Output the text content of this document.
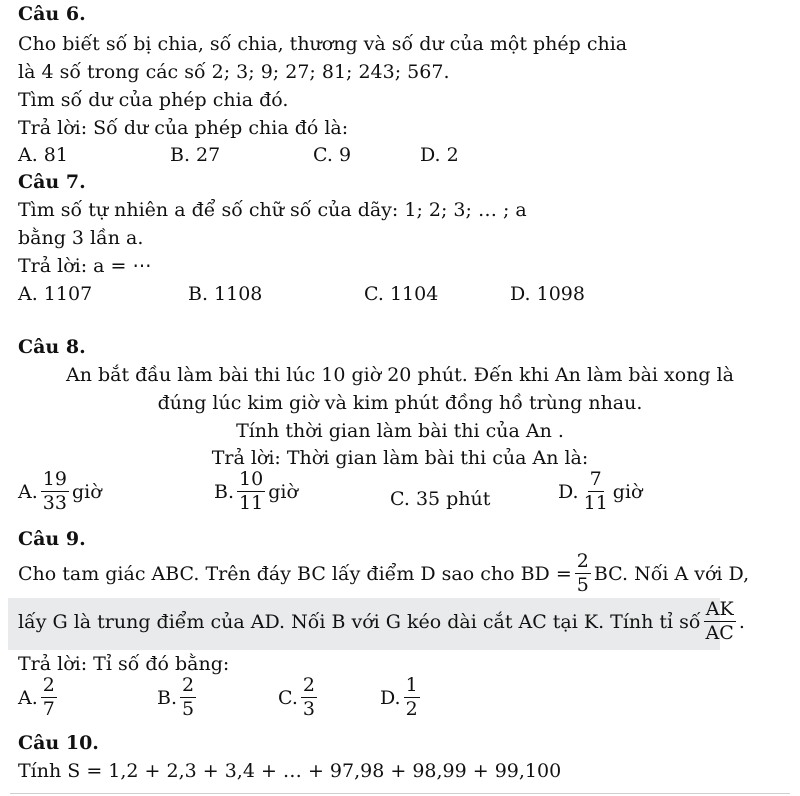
Câu 6.
Cho biết số bị chia, số chia, thương và số dư của một phép chia
là 4 số trong các số 2; 3; 9; 27; 81; 243; 567.
Tìm số dư của phép chia đó.
Trả lời: Số dư của phép chia đó là:
A. 81	B. 27	C. 9	D. 2
Câu 7.
Tìm số tự nhiên a để số chữ số của dãy: 1; 2; 3; … ; a
bằng 3 lần a.
Trả lời: a = ⋯
A. 1107	B. 1108	C. 1104	D. 1098
Câu 8.
An bắt đầu làm bài thi lúc 10 giờ 20 phút. Đến khi An làm bài xong là
đúng lúc kim giờ và kim phút đồng hồ trùng nhau.
Tính thời gian làm bài thi của An .
Trả lời: Thời gian làm bài thi của An là:
A. $\frac{19}{33}$ giờ	B. $\frac{10}{11}$ giờ	C. 35 phút	D. $\frac{7}{11}$ giờ
Câu 9.
Cho tam giác ABC. Trên đáy BC lấy điểm D sao cho BD = $\frac{2}{5}$ BC. Nối A với D,
lấy G là trung điểm của AD. Nối B với G kéo dài cắt AC tại K. Tính tỉ số $\frac{AK}{AC}$ .
Trả lời: Tỉ số đó bằng:
A. $\frac{2}{7}$	B. $\frac{2}{5}$	C. $\frac{2}{3}$	D. $\frac{1}{2}$
Câu 10.
Tính S = 1,2 + 2,3 + 3,4 + … + 97,98 + 98,99 + 99,100
